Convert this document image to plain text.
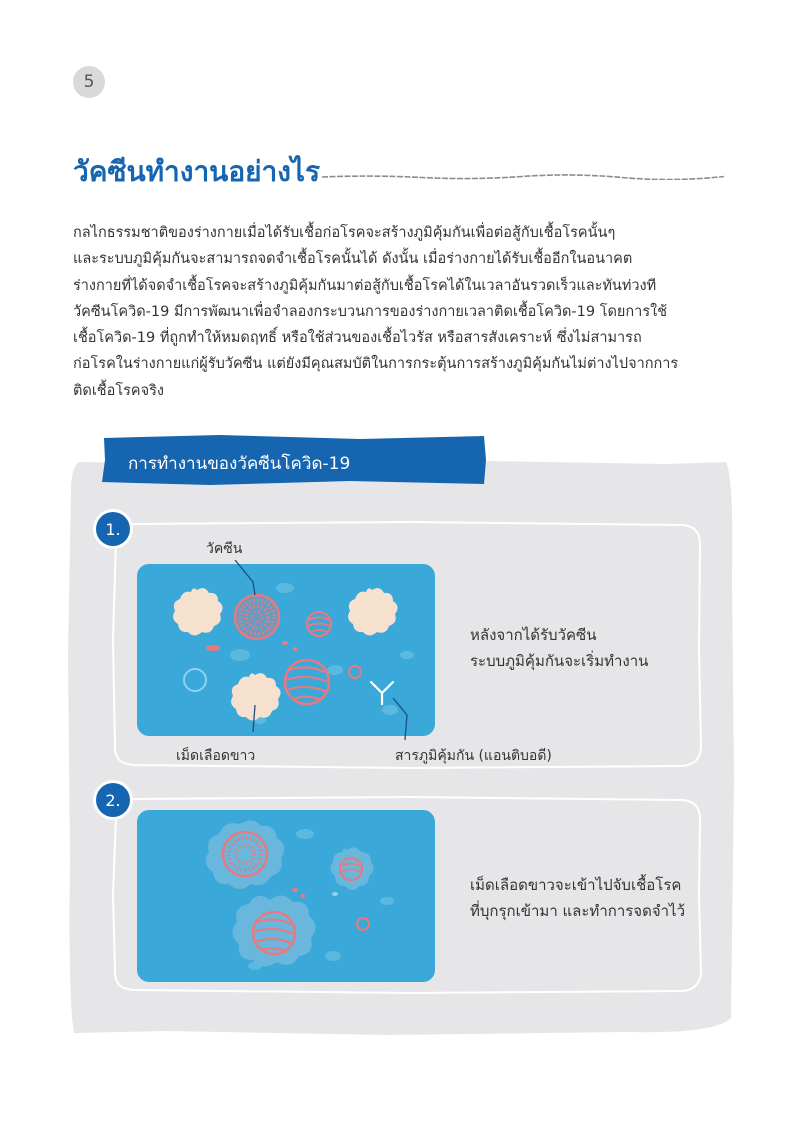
5
วัคซีนทำงานอย่างไร

กลไกธรรมชาติของร่างกายเมื่อได้รับเชื้อก่อโรคจะสร้างภูมิคุ้มกันเพื่อต่อสู้กับเชื้อโรคนั้นๆ

และระบบภูมิคุ้มกันจะสามารถจดจำเชื้อโรคนั้นได้ ดังนั้น เมื่อร่างกายได้รับเชื้ออีกในอนาคต

ร่างกายที่ได้จดจำเชื้อโรคจะสร้างภูมิคุ้มกันมาต่อสู้กับเชื้อโรคได้ในเวลาอันรวดเร็วและทันท่วงที

วัคซีนโควิด-19 มีการพัฒนาเพื่อจำลองกระบวนการของร่างกายเวลาติดเชื้อโควิด-19 โดยการใช้

เชื้อโควิด-19 ที่ถูกทำให้หมดฤทธิ์ หรือใช้ส่วนของเชื้อไวรัส หรือสารสังเคราะห์ ซึ่งไม่สามารถ

ก่อโรคในร่างกายแก่ผู้รับวัคซีน แต่ยังมีคุณสมบัติในการกระตุ้นการสร้างภูมิคุ้มกันไม่ต่างไปจากการ

ติดเชื้อโรคจริง

การทำงานของวัคซีนโควิด-19
1.
วัคซีน
เม็ดเลือดขาว	สารภูมิคุ้มกัน (แอนติบอดี)
หลังจากได้รับวัคซีน
ระบบภูมิคุ้มกันจะเริ่มทำงาน
2.
เม็ดเลือดขาวจะเข้าไปจับเชื้อโรค
ที่บุกรุกเข้ามา และทำการจดจำไว้
